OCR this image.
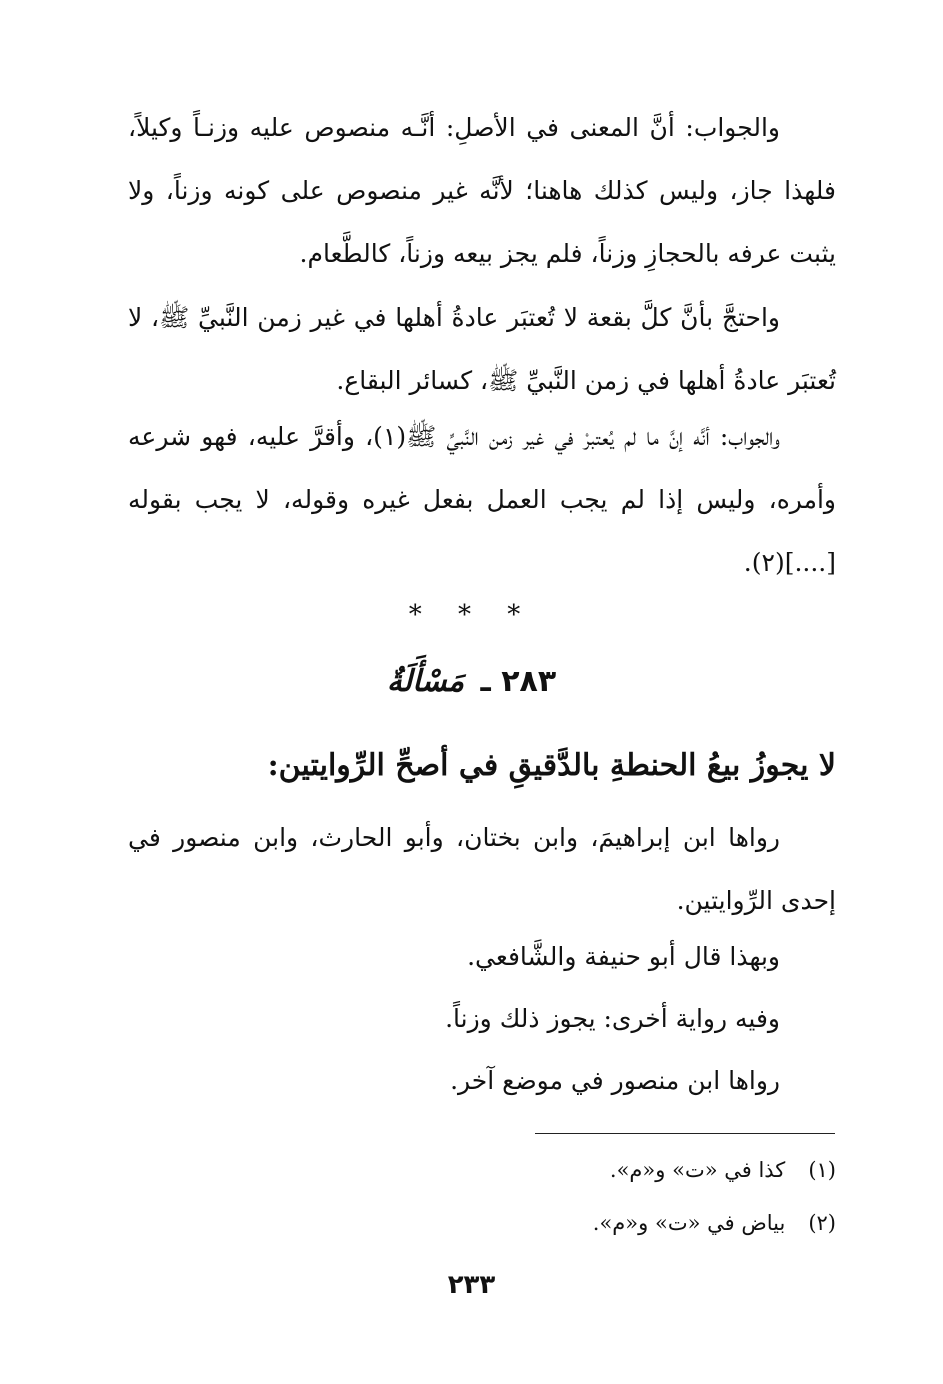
والجواب: أنَّ المعنى في الأصلِ: أنَّـه منصوص عليه وزنـاً وكيلاً، فلهذا جاز، وليس كذلك هاهنا؛ لأنَّه غير منصوص على كونه وزناً، ولا يثبت عرفه بالحجازِ وزناً، فلم يجز بيعه وزناً، كالطَّعام.

واحتجَّ بأنَّ كلَّ بقعة لا تُعتبَر عادةُ أهلها في غير زمن النَّبيِّ ﷺ، لا تُعتبَر عادةُ أهلها في زمن النَّبيِّ ﷺ، كسائر البقاع.

والجواب: أنَّه إنَّ ما لم يُعتبرْ في غير زمن النَّبيِّ ﷺ(١)، وأقرَّ عليه، فهو شرعه وأمره، وليس إذا لم يجب العمل بفعل غيره وقوله، لا يجب بقوله [....](٢).

* * *
٢٨٣ ـ مَسْأَلَةٌ
لا يجوزُ بيعُ الحنطةِ بالدَّقيقِ في أصحِّ الرِّوايتين:

رواها ابن إبراهيمَ، وابن بختان، وأبو الحارث، وابن منصور في إحدى الرِّوايتين.

وبهذا قال أبو حنيفة والشَّافعي.

وفيه رواية أخرى: يجوز ذلك وزناً.

رواها ابن منصور في موضع آخر.

(١) كذا في «ت» و«م».
(٢) بياض في «ت» و«م».
٢٣٣
